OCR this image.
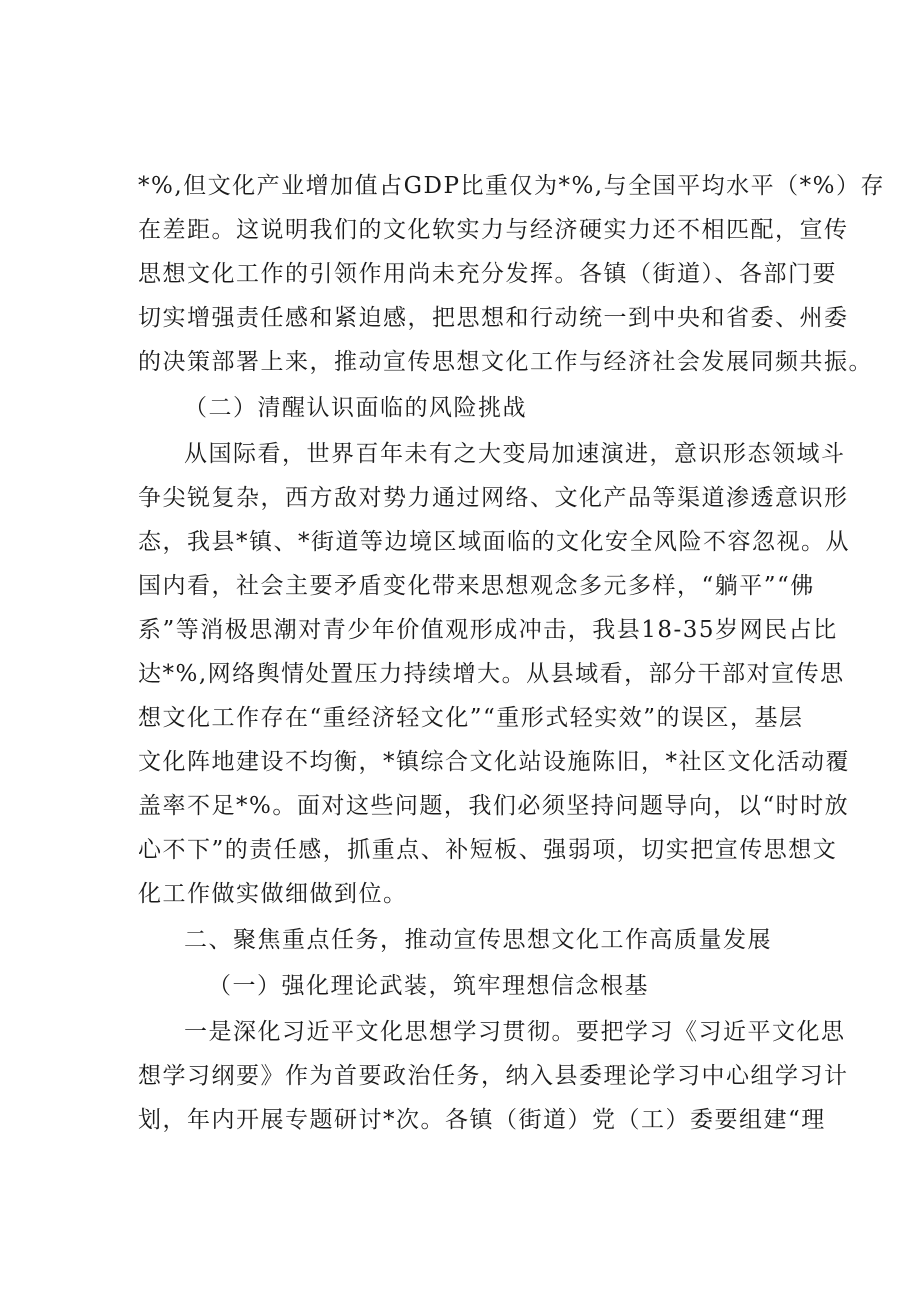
*%,但文化产业增加值占GDP比重仅为*%,与全国平均水平（*%）存
在差距。这说明我们的文化软实力与经济硬实力还不相匹配，宣传
思想文化工作的引领作用尚未充分发挥。各镇（街道）、各部门要
切实增强责任感和紧迫感，把思想和行动统一到中央和省委、州委
的决策部署上来，推动宣传思想文化工作与经济社会发展同频共振。
（二）清醒认识面临的风险挑战
从国际看，世界百年未有之大变局加速演进，意识形态领域斗
争尖锐复杂，西方敌对势力通过网络、文化产品等渠道渗透意识形
态，我县*镇、*街道等边境区域面临的文化安全风险不容忽视。从
国内看，社会主要矛盾变化带来思想观念多元多样，“躺平”“佛
系”等消极思潮对青少年价值观形成冲击，我县18-35岁网民占比
达*%,网络舆情处置压力持续增大。从县域看，部分干部对宣传思
想文化工作存在“重经济轻文化”“重形式轻实效”的误区，基层
文化阵地建设不均衡，*镇综合文化站设施陈旧，*社区文化活动覆
盖率不足*%。面对这些问题，我们必须坚持问题导向，以“时时放
心不下”的责任感，抓重点、补短板、强弱项，切实把宣传思想文
化工作做实做细做到位。
二、聚焦重点任务，推动宣传思想文化工作高质量发展
（一）强化理论武装，筑牢理想信念根基
一是深化习近平文化思想学习贯彻。要把学习《习近平文化思
想学习纲要》作为首要政治任务，纳入县委理论学习中心组学习计
划，年内开展专题研讨*次。各镇（街道）党（工）委要组建“理
